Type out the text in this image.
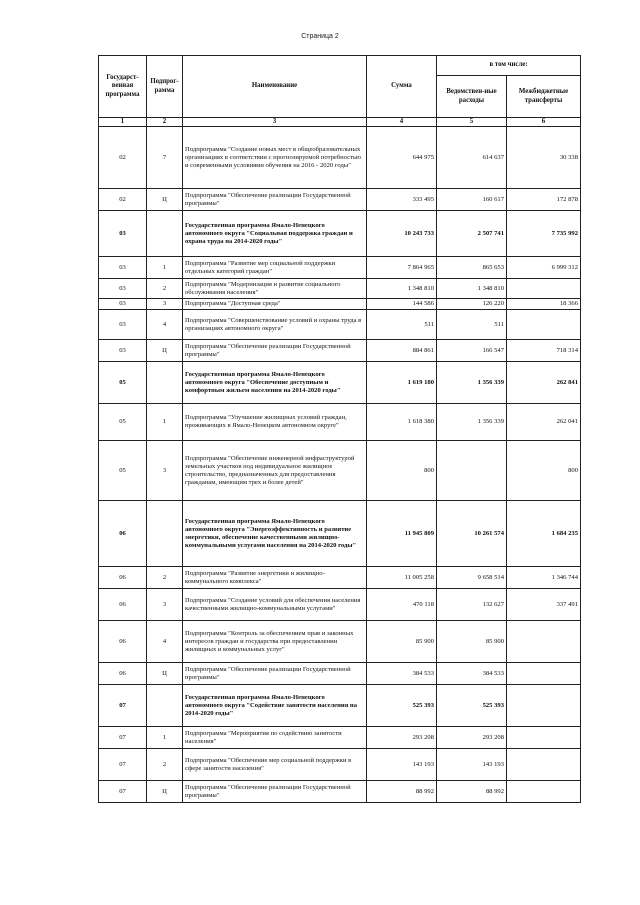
Страница 2
Государст-венная программа	Подпрог-рамма	Наименование	Сумма	в том числе:	
				Ведомствен-ные расходы	Межбюджетные трансферты
1	2	3	4	5	6
02	7	Подпрограмма "Создание новых мест в общеобразовательных организациях в соответствии с прогнозируемой потребностью и современными условиями обучения на 2016 - 2020 годы"	644 975	614 637	30 338
02	Ц	Подпрограмма "Обеспечение реализации Государственной программы"	333 495	160 617	172 878
03		Государственная программа Ямало-Ненецкого автономного округа "Социальная поддержка граждан и охрана труда на 2014-2020 годы"	10 243 733	2 507 741	7 735 992
03	1	Подпрограмма "Развитие мер социальной поддержки отдельных категорий граждан"	7 864 965	865 653	6 999 312
03	2	Подпрограмма "Модернизация и развитие социального обслуживания населения"	1 348 810	1 348 810	
03	3	Подпрограмма "Доступная среда"	144 586	126 220	18 366
03	4	Подпрограмма "Совершенствование условий и охраны труда в организациях автономного округа"	511	511	
03	Ц	Подпрограмма "Обеспечение реализации Государственной программы"	884 861	166 547	718 314
05		Государственная программа Ямало-Ненецкого автономного округа "Обеспечение доступным и комфортным жильем населения на 2014-2020 годы"	1 619 180	1 356 339	262 841
05	1	Подпрограмма "Улучшение жилищных условий граждан, проживающих в Ямало-Ненецком автономном округе"	1 618 380	1 356 339	262 041
05	3	Подпрограмма "Обеспечение инженерной инфраструктурой земельных участков под индивидуальное жилищное строительство, предназначенных для предоставления гражданам, имеющим трех и более детей"	800		800
06		Государственная программа Ямало-Ненецкого автономного округа "Энергоэффективность и развитие энергетики, обеспечение качественными жилищно-коммунальными услугами населения на 2014-2020 годы"	11 945 809	10 261 574	1 684 235
06	2	Подпрограмма "Развитие энергетики и жилищно-коммунального комплекса"	11 005 258	9 658 514	1 346 744
06	3	Подпрограмма "Создание условий для обеспечения населения качественными жилищно-коммунальными услугами"	470 118	132 627	337 491
06	4	Подпрограмма "Контроль за обеспечением прав и законных интересов граждан и государства при предоставлении жилищных и коммунальных услуг"	85 900	85 900	
06	Ц	Подпрограмма "Обеспечение реализации Государственной программы"	384 533	384 533	
07		Государственная программа Ямало-Ненецкого автономного округа "Содействие занятости населения на 2014-2020 годы"	525 393	525 393	
07	1	Подпрограмма "Мероприятия по содействию занятости населения"	293 208	293 208	
07	2	Подпрограмма "Обеспечение мер социальной поддержки в сфере занятости населения"	143 193	143 193	
07	Ц	Подпрограмма "Обеспечение реализации Государственной программы"	88 992	88 992	
